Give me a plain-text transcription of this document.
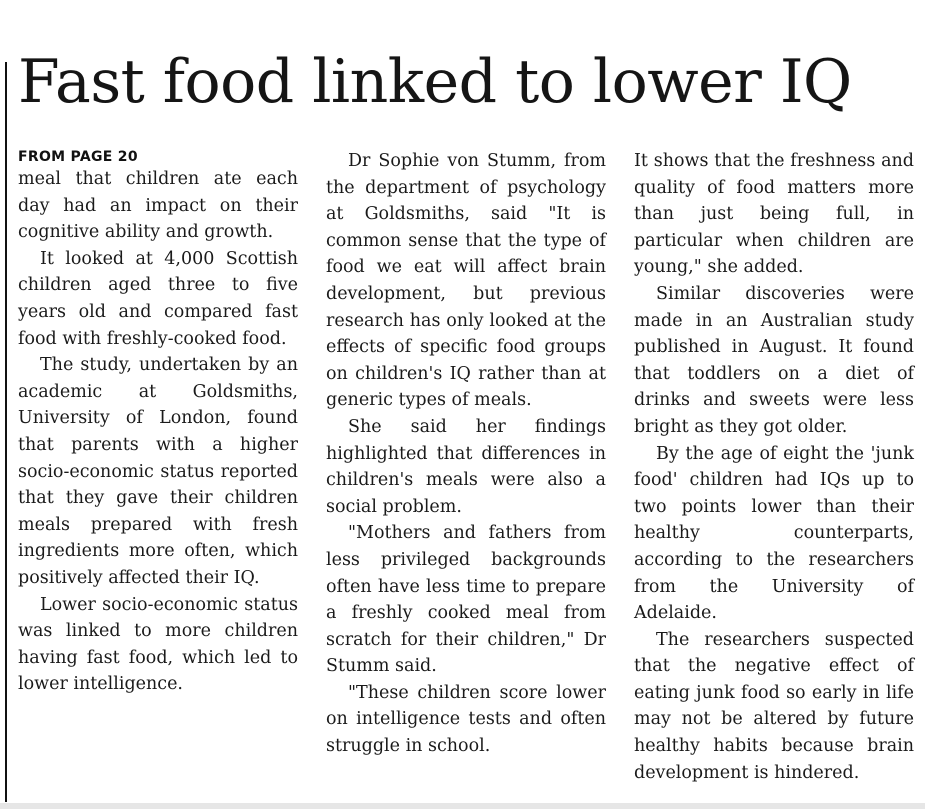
Fast food linked to lower IQ
FROM PAGE 20

meal that children ate each day had an impact on their cognitive ability and growth.

It looked at 4,000 Scottish children aged three to five years old and compared fast food with freshly-cooked food.

The study, undertaken by an academic at Goldsmiths, University of London, found that parents with a higher socio-economic status reported that they gave their children meals prepared with fresh ingredients more often, which positively affected their IQ.

Lower socio-economic status was linked to more children having fast food, which led to lower intelligence.

Dr Sophie von Stumm, from the department of psychology at Goldsmiths, said "It is common sense that the type of food we eat will affect brain development, but previous research has only looked at the effects of specific food groups on children's IQ rather than at generic types of meals.

She said her findings highlighted that differences in children's meals were also a social problem.

"Mothers and fathers from less privileged backgrounds often have less time to prepare a freshly cooked meal from scratch for their children," Dr Stumm said.

"These children score lower on intelligence tests and often struggle in school.

It shows that the freshness and quality of food matters more than just being full, in particular when children are young," she added.

Similar discoveries were made in an Australian study published in August. It found that toddlers on a diet of drinks and sweets were less bright as they got older.

By the age of eight the 'junk food' children had IQs up to two points lower than their healthy counterparts, according to the researchers from the University of Adelaide.

The researchers suspected that the negative effect of eating junk food so early in life may not be altered by future healthy habits because brain development is hindered.
